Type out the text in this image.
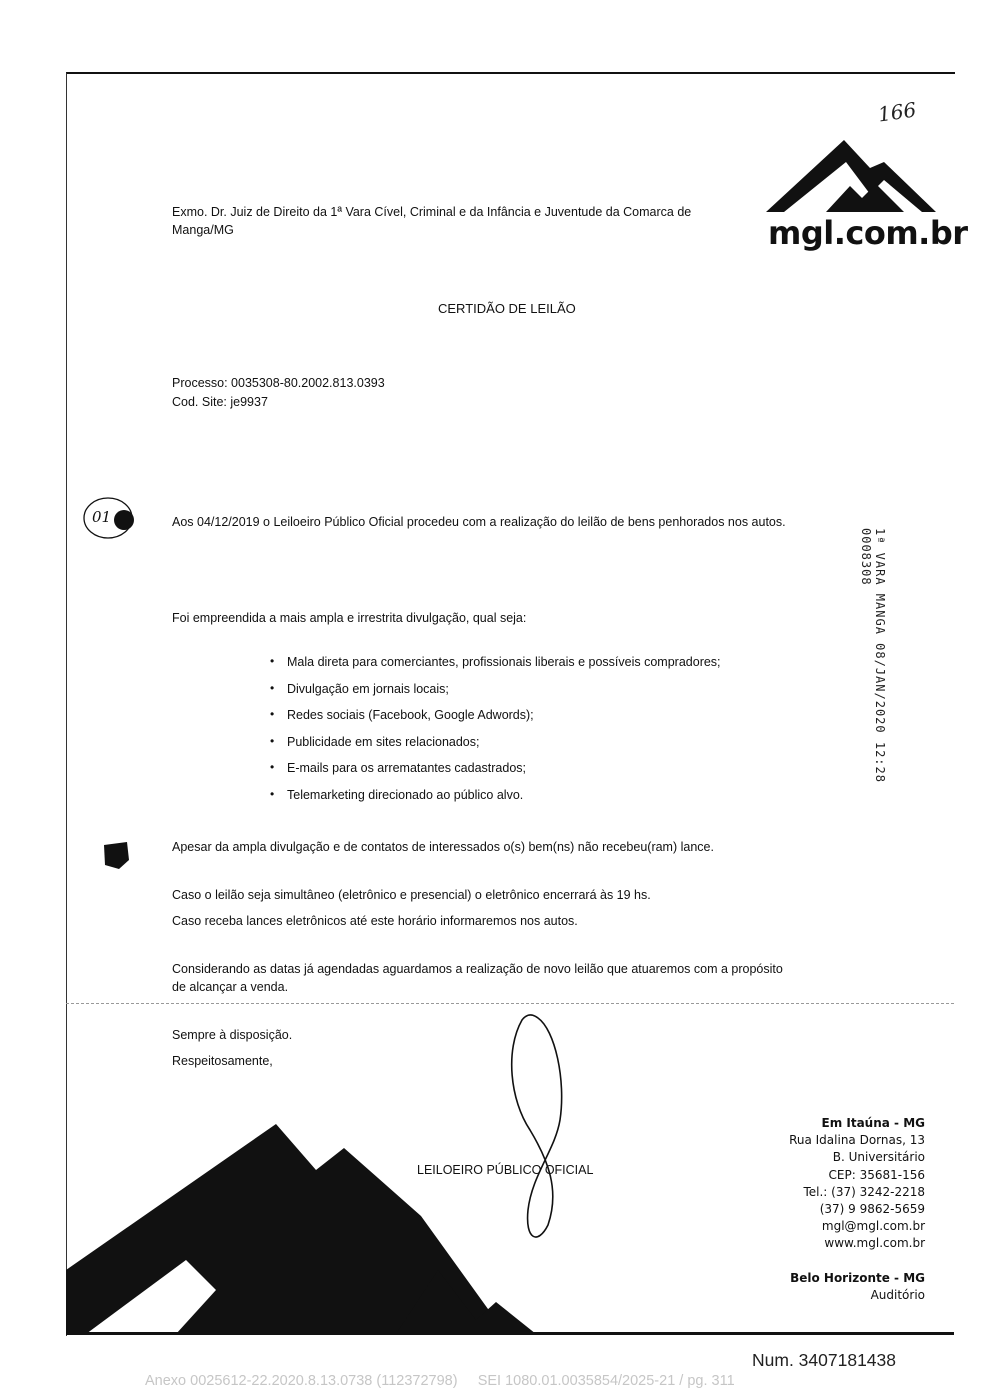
166
mgl.com.br
Exmo. Dr. Juiz de Direito da 1ª Vara Cível, Criminal e da Infância e Juventude da Comarca de Manga/MG
CERTIDÃO DE LEILÃO
Processo: 0035308-80.2002.813.0393
Cod. Site: je9937
01	Aos 04/12/2019 o Leiloeiro Público Oficial procedeu com a realização do leilão de bens penhorados nos autos.
Foi empreendida a mais ampla e irrestrita divulgação, qual seja:
• Mala direta para comerciantes, profissionais liberais e possíveis compradores;
• Divulgação em jornais locais;
• Redes sociais (Facebook, Google Adwords);
• Publicidade em sites relacionados;
• E-mails para os arrematantes cadastrados;
• Telemarketing direcionado ao público alvo.
Apesar da ampla divulgação e de contatos de interessados o(s) bem(ns) não recebeu(ram) lance.
Caso o leilão seja simultâneo (eletrônico e presencial) o eletrônico encerrará às 19 hs.
Caso receba lances eletrônicos até este horário informaremos nos autos.
Considerando as datas já agendadas aguardamos a realização de novo leilão que atuaremos com a propósito de alcançar a venda.
Sempre à disposição.
Respeitosamente,
1ª VARA MANGA 08/JAN/2020 12:28 0008308
LEILOEIRO PÚBLICO OFICIAL
Em Itaúna - MG
Rua Idalina Dornas, 13
B. Universitário
CEP: 35681-156
Tel.: (37) 3242-2218
(37) 9 9862-5659
mgl@mgl.com.br
www.mgl.com.br
Belo Horizonte - MG
Auditório
Num. 3407181438
Anexo 0025612-22.2020.8.13.0738 (112372798) SEI 1080.01.0035854/2025-21 / pg. 311
